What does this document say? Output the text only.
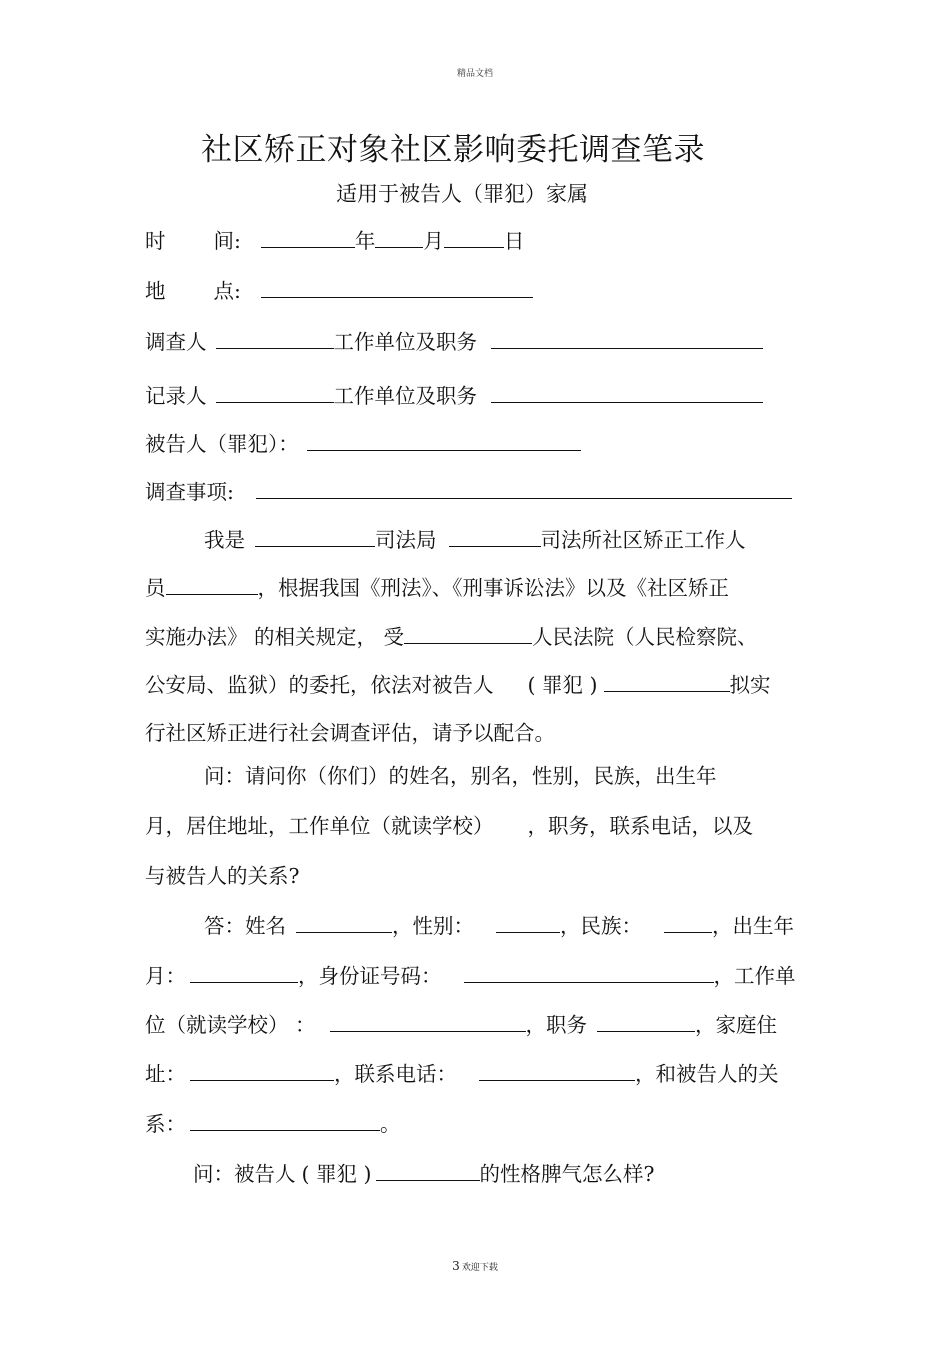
精品文档
社区矫正对象社区影响委托调查笔录
适用于被告人（罪犯）家属
时 间:	年 月	日
地 点:
调查人	工作单位及职务
记录人	工作单位及职务
被告人（罪犯）：
调查事项:
我是	司法局	司法所社区矫正工作人
员	，根据我国《刑法》、《刑事诉讼法》以及《社区矫正
实施办法》 的相关规定， 受	人民法院（人民检察院、
公安局、监狱）的委托，依法对被告人 ( 罪犯 )	拟实
行社区矫正进行社会调查评估，请予以配合。
问：请问你（你们）的姓名，别名，性别，民族，出生年
月，居住地址，工作单位（就读学校） ，职务，联系电话，以及
与被告人的关系?
答：姓名	，性别：	，民族：	，出生年
月：	，身份证号码：	，工作单
位（就读学校） ：	，职务	，家庭住
址：	，联系电话：	，和被告人的关
系：	。
问：被告人 ( 罪犯 )	的性格脾气怎么样?
3 欢迎下载
